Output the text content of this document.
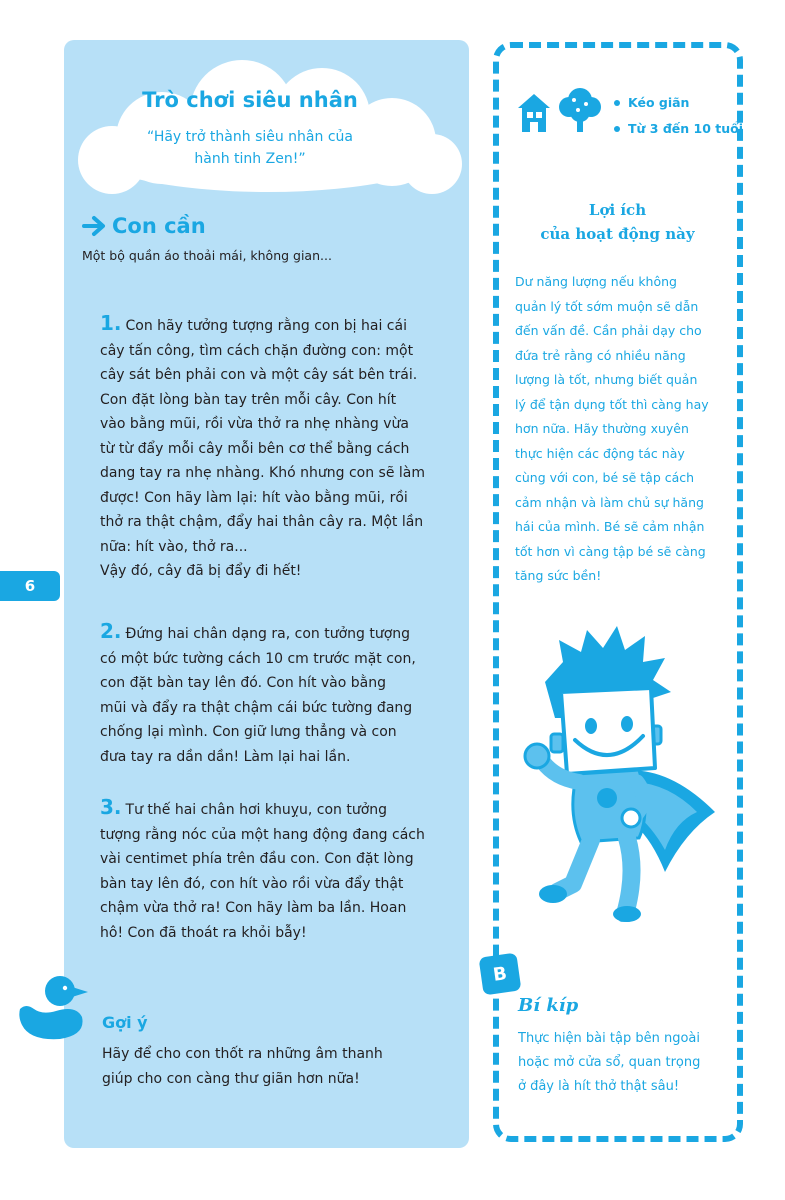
Trò chơi siêu nhân
“Hãy trở thành siêu nhân của
hành tinh Zen!”
Con cần
Một bộ quần áo thoải mái, không gian...
1. Con hãy tưởng tượng rằng con bị hai cái
cây tấn công, tìm cách chặn đường con: một
cây sát bên phải con và một cây sát bên trái.
Con đặt lòng bàn tay trên mỗi cây. Con hít
vào bằng mũi, rồi vừa thở ra nhẹ nhàng vừa
từ từ đẩy mỗi cây mỗi bên cơ thể bằng cách
dang tay ra nhẹ nhàng. Khó nhưng con sẽ làm
được! Con hãy làm lại: hít vào bằng mũi, rồi
thở ra thật chậm, đẩy hai thân cây ra. Một lần
nữa: hít vào, thở ra...
Vậy đó, cây đã bị đẩy đi hết!
2. Đứng hai chân dạng ra, con tưởng tượng
có một bức tường cách 10 cm trước mặt con,
con đặt bàn tay lên đó. Con hít vào bằng
mũi và đẩy ra thật chậm cái bức tường đang
chống lại mình. Con giữ lưng thẳng và con
đưa tay ra dần dần! Làm lại hai lần.
3. Tư thế hai chân hơi khuỵu, con tưởng
tượng rằng nóc của một hang động đang cách
vài centimet phía trên đầu con. Con đặt lòng
bàn tay lên đó, con hít vào rồi vừa đẩy thật
chậm vừa thở ra! Con hãy làm ba lần. Hoan
hô! Con đã thoát ra khỏi bẫy!
6
Gợi ý
Hãy để cho con thốt ra những âm thanh
giúp cho con càng thư giãn hơn nữa!
Kéo giãn
Từ 3 đến 10 tuổi
Lợi ích
của hoạt động này
Dư năng lượng nếu không
quản lý tốt sớm muộn sẽ dẫn
đến vấn đề. Cần phải dạy cho
đứa trẻ rằng có nhiều năng
lượng là tốt, nhưng biết quản
lý để tận dụng tốt thì càng hay
hơn nữa. Hãy thường xuyên
thực hiện các động tác này
cùng với con, bé sẽ tập cách
cảm nhận và làm chủ sự hăng
hái của mình. Bé sẽ cảm nhận
tốt hơn vì càng tập bé sẽ càng
tăng sức bền!
B
Bí kíp
Thực hiện bài tập bên ngoài
hoặc mở cửa sổ, quan trọng
ở đây là hít thở thật sâu!
